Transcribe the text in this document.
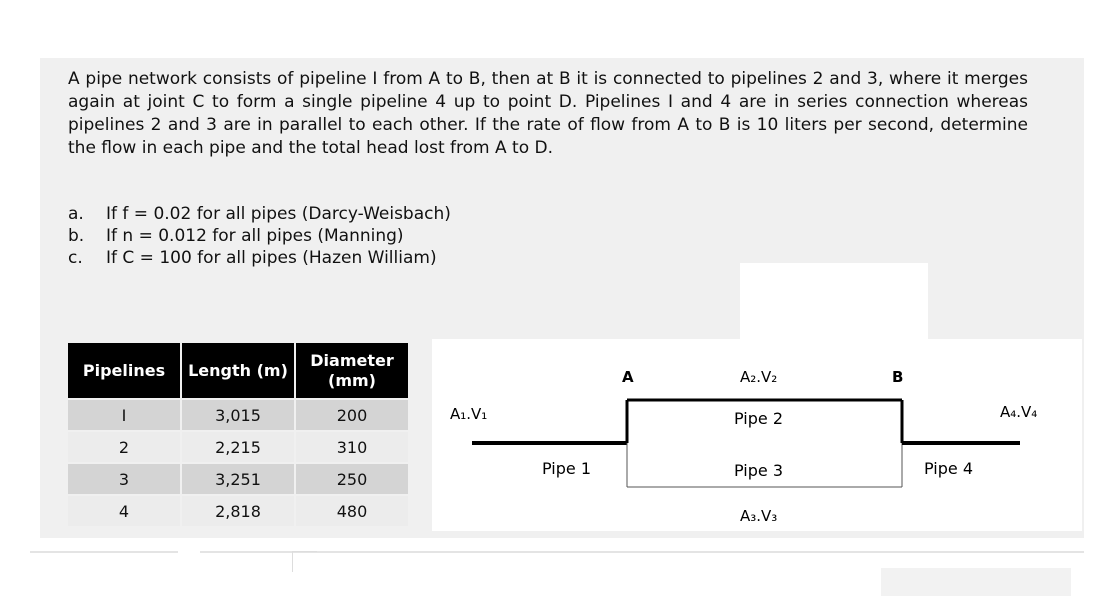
A pipe network consists of pipeline I from A to B, then at B it is connected to pipelines 2 and 3, where it merges again at joint C to form a single pipeline 4 up to point D. Pipelines I and 4 are in series connection whereas pipelines 2 and 3 are in parallel to each other. If the rate of flow from A to B is 10 liters per second, determine the flow in each pipe and the total head lost from A to D.

a.	If f = 0.02 for all pipes (Darcy-Weisbach)
b.	If n = 0.012 for all pipes (Manning)
c.	If C = 100 for all pipes (Hazen William)
Pipelines	Length (m)	Diameter (mm)
I	3,015	200
2	2,215	310
3	3,251	250
4	2,818	480
A	B
A₁.V₁
A₂.V₂
A₃.V₃
A₄.V₄
Pipe 1
Pipe 2
Pipe 3	Pipe 4
